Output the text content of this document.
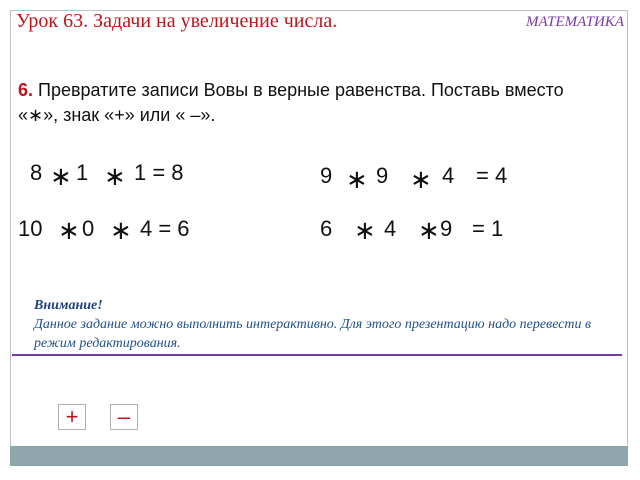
Урок 63. Задачи на увеличение числа.	МАТЕМАТИКА
6. Превратите записи Вовы в верные равенства. Поставь вместо «∗», знак «+» или « –».
8 ∗ 1 ∗ 1 = 8	9 ∗ 9 ∗ 4 = 4
10 ∗ 0 ∗ 4 = 6	6 ∗ 4 ∗ 9 = 1
Внимание!
Данное задание можно выполнить интерактивно. Для этого презентацию надо перевести в режим редактирования.
+	–
